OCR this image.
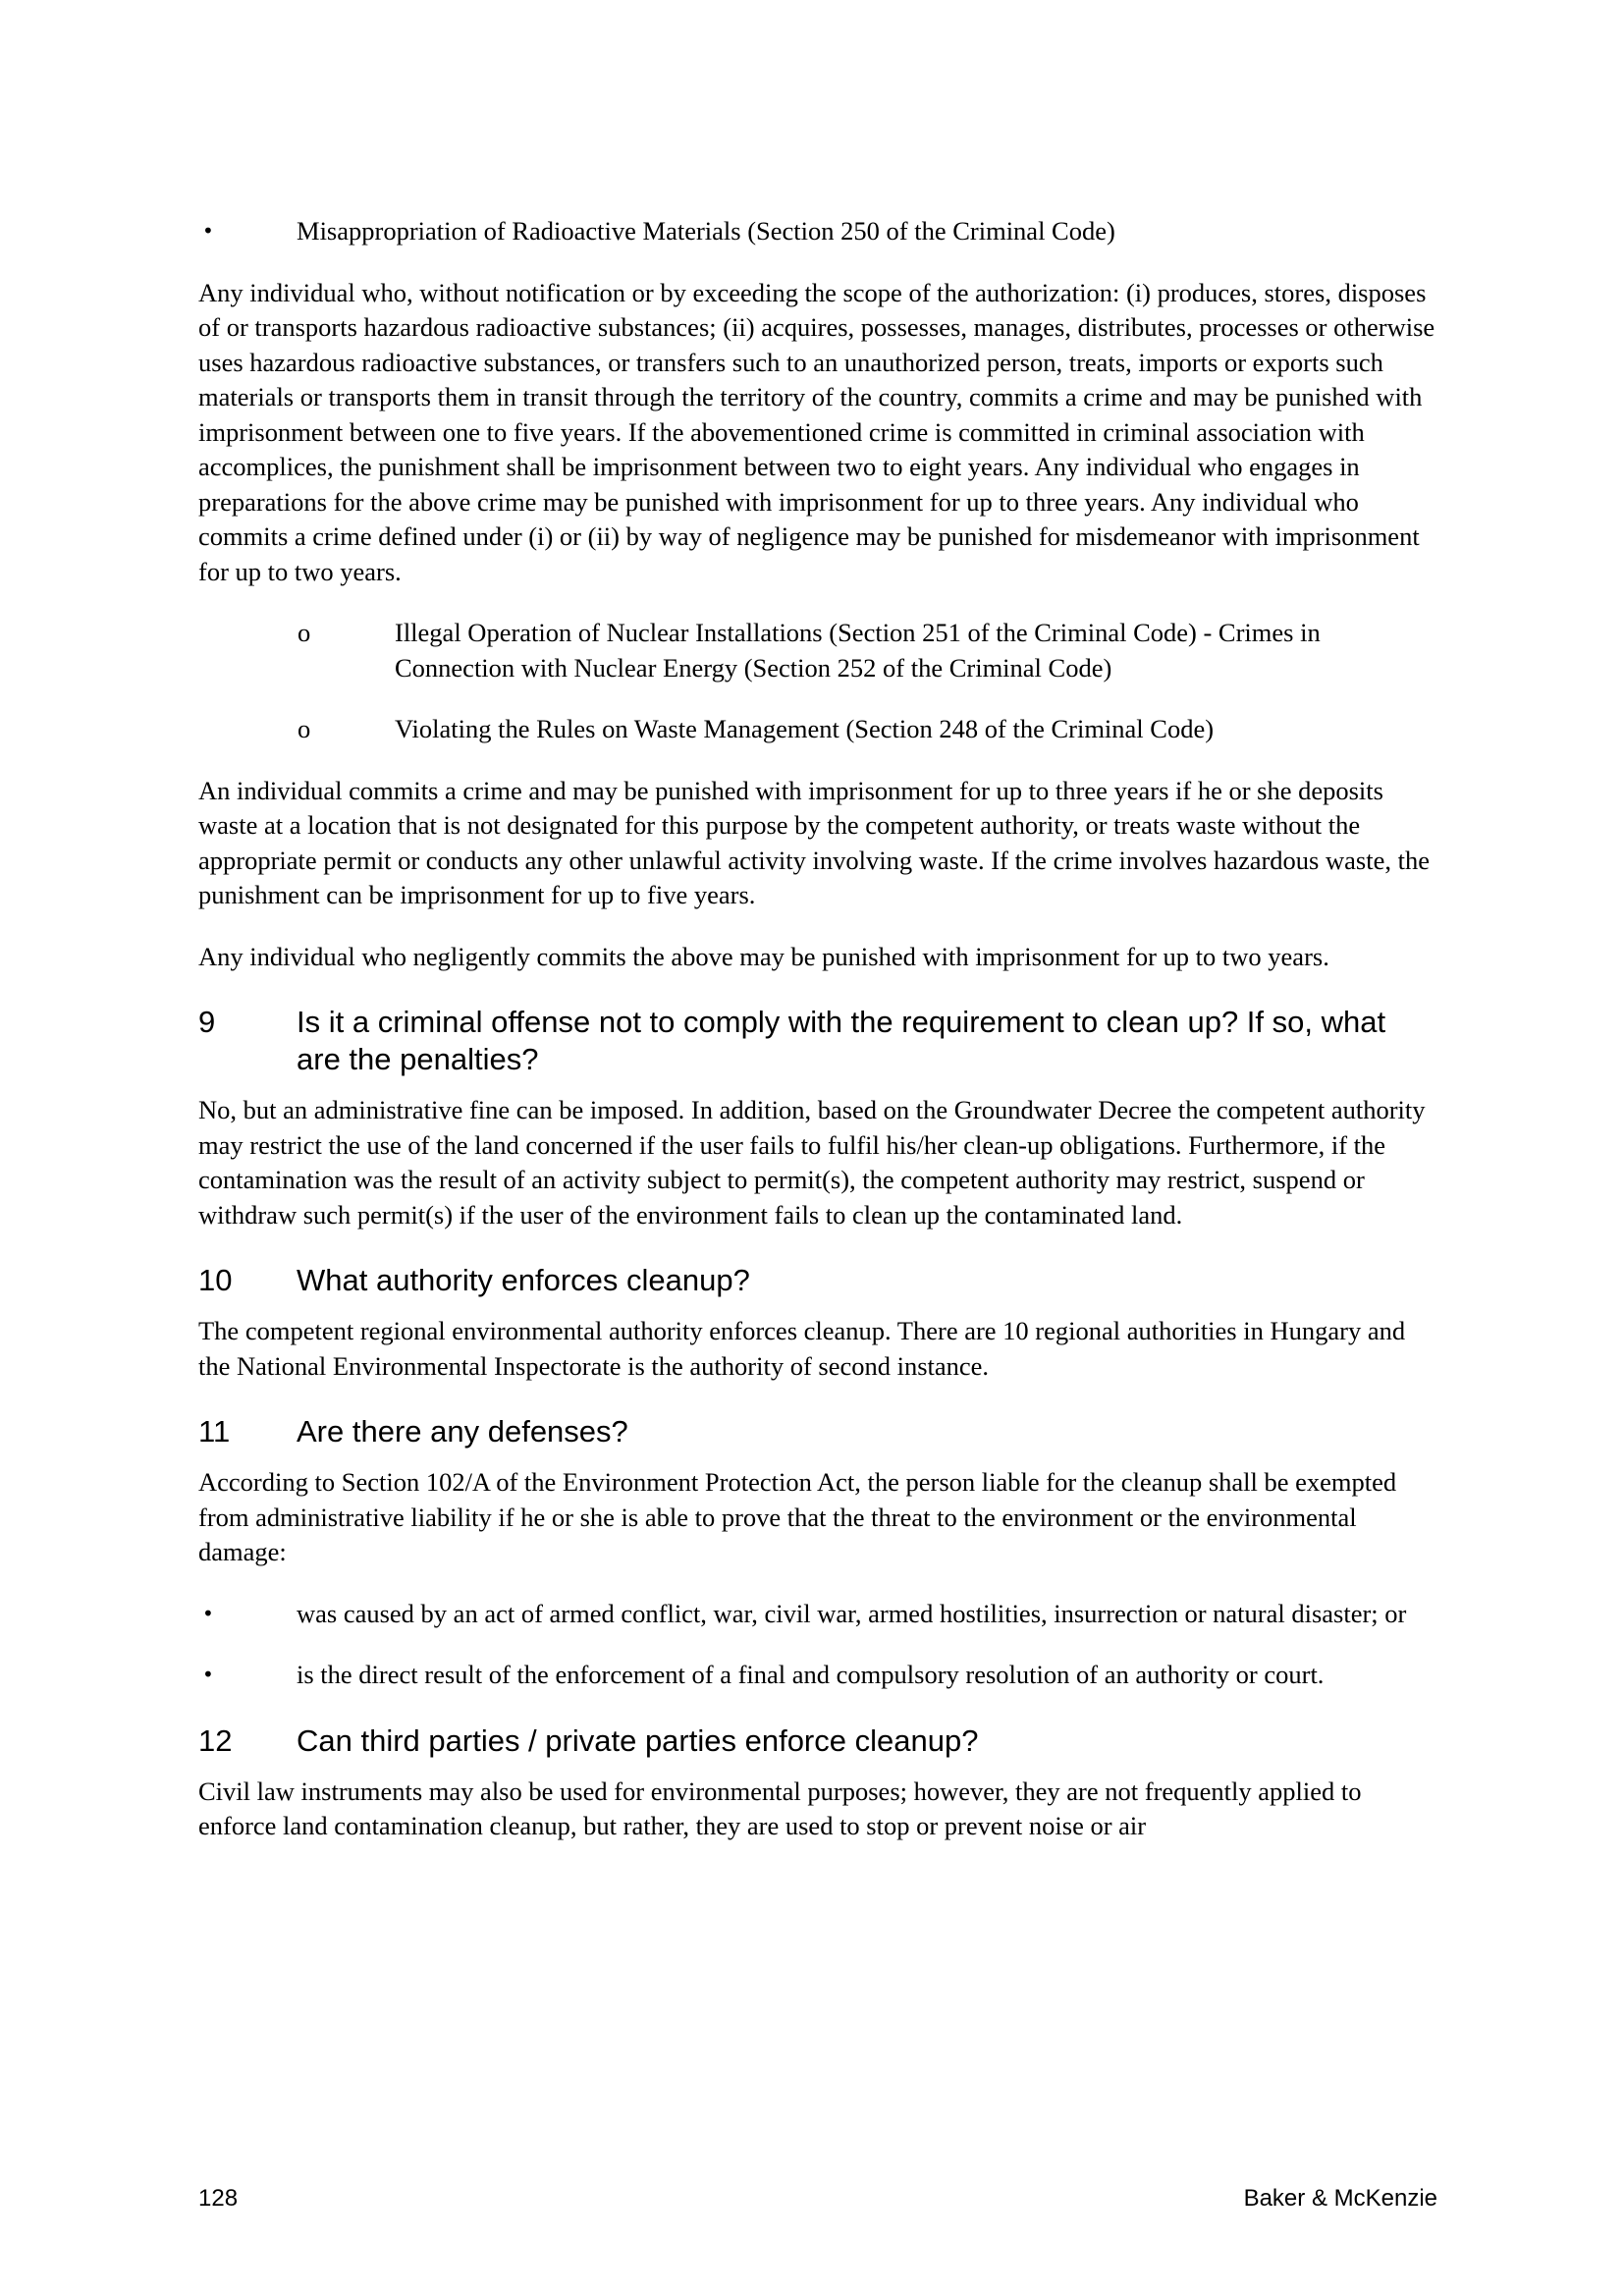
•	Misappropriation of Radioactive Materials (Section 250 of the Criminal Code)

Any individual who, without notification or by exceeding the scope of the authorization: (i) produces, stores, disposes of or transports hazardous radioactive substances; (ii) acquires, possesses, manages, distributes, processes or otherwise uses hazardous radioactive substances, or transfers such to an unauthorized person, treats, imports or exports such materials or transports them in transit through the territory of the country, commits a crime and may be punished with imprisonment between one to five years. If the abovementioned crime is committed in criminal association with accomplices, the punishment shall be imprisonment between two to eight years. Any individual who engages in preparations for the above crime may be punished with imprisonment for up to three years. Any individual who commits a crime defined under (i) or (ii) by way of negligence may be punished for misdemeanor with imprisonment for up to two years.

o	Illegal Operation of Nuclear Installations (Section 251 of the Criminal Code) - Crimes in Connection with Nuclear Energy (Section 252 of the Criminal Code)
o	Violating the Rules on Waste Management (Section 248 of the Criminal Code)

An individual commits a crime and may be punished with imprisonment for up to three years if he or she deposits waste at a location that is not designated for this purpose by the competent authority, or treats waste without the appropriate permit or conducts any other unlawful activity involving waste. If the crime involves hazardous waste, the punishment can be imprisonment for up to five years.

Any individual who negligently commits the above may be punished with imprisonment for up to two years.

9	Is it a criminal offense not to comply with the requirement to clean up? If so, what are the penalties?

No, but an administrative fine can be imposed. In addition, based on the Groundwater Decree the competent authority may restrict the use of the land concerned if the user fails to fulfil his/her clean-up obligations. Furthermore, if the contamination was the result of an activity subject to permit(s), the competent authority may restrict, suspend or withdraw such permit(s) if the user of the environment fails to clean up the contaminated land.

10 What authority enforces cleanup?

The competent regional environmental authority enforces cleanup. There are 10 regional authorities in Hungary and the National Environmental Inspectorate is the authority of second instance.

11 Are there any defenses?

According to Section 102/A of the Environment Protection Act, the person liable for the cleanup shall be exempted from administrative liability if he or she is able to prove that the threat to the environment or the environmental damage:

•	was caused by an act of armed conflict, war, civil war, armed hostilities, insurrection or natural disaster; or
•	is the direct result of the enforcement of a final and compulsory resolution of an authority or court.
12 Can third parties / private parties enforce cleanup?

Civil law instruments may also be used for environmental purposes; however, they are not frequently applied to enforce land contamination cleanup, but rather, they are used to stop or prevent noise or air

128	Baker & McKenzie
